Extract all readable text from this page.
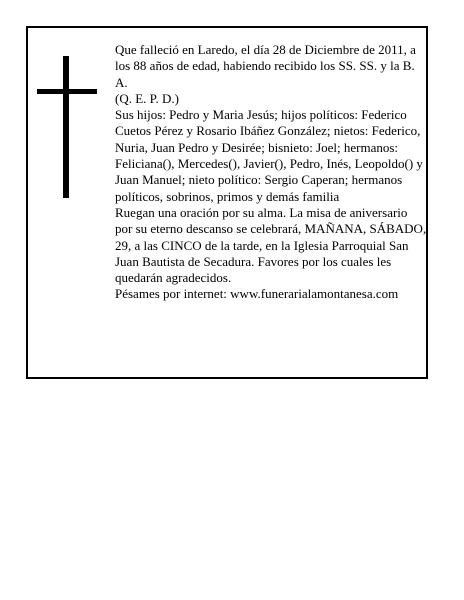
Que falleció en Laredo, el día 28 de Diciembre de 2011, a los 88 años de edad, habiendo recibido los SS. SS. y la B. A.

(Q. E. P. D.)

Sus hijos: Pedro y Maria Jesús; hijos políticos: Federico Cuetos Pérez y Rosario Ibáñez González; nietos: Federico, Nuria, Juan Pedro y Desirée; bisnieto: Joel; hermanos: Feliciana(), Mercedes(), Javier(), Pedro, Inés, Leopoldo() y Juan Manuel; nieto político: Sergio Caperan; hermanos políticos, sobrinos, primos y demás familia

Ruegan una oración por su alma. La misa de aniversario por su eterno descanso se celebrará, MAÑANA, SÁBADO, 29, a las CINCO de la tarde, en la Iglesia Parroquial San Juan Bautista de Secadura. Favores por los cuales les quedarán agradecidos.

Pésames por internet: www.funerarialamontanesa.com
